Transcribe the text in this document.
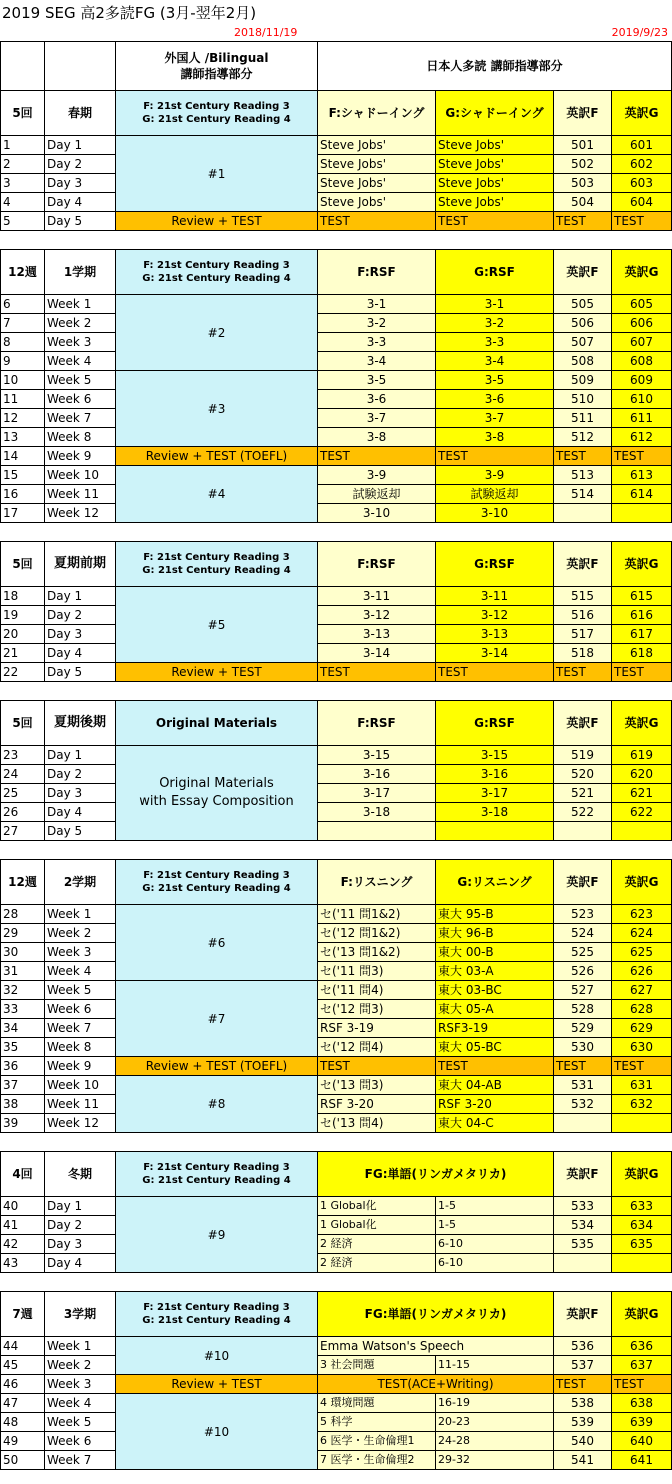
2019 SEG 高2多読FG (3月-翌年2月)
2018/11/19	2019/9/23

		外国人 /Bilingual
講師指導部分	日本人多読 講師指導部分			
5回	春期	F: 21st Century Reading 3
G: 21st Century Reading 4	F:シャドーイング	G:シャドーイング	英訳F	英訳G
1	Day 1	#1	Steve Jobs'	Steve Jobs'	501	601
2	Day 2		Steve Jobs'	Steve Jobs'	502	602
3	Day 3		Steve Jobs'	Steve Jobs'	503	603
4	Day 4		Steve Jobs'	Steve Jobs'	504	604
5	Day 5	Review + TEST	TEST	TEST	TEST	TEST

12週	1学期	F: 21st Century Reading 3
G: 21st Century Reading 4	F:RSF	G:RSF	英訳F	英訳G
6	Week 1	#2	3-1	3-1	505	605
7	Week 2		3-2	3-2	506	606
8	Week 3		3-3	3-3	507	607
9	Week 4		3-4	3-4	508	608
10	Week 5	#3	3-5	3-5	509	609
11	Week 6		3-6	3-6	510	610
12	Week 7		3-7	3-7	511	611
13	Week 8		3-8	3-8	512	612
14	Week 9	Review + TEST (TOEFL)	TEST	TEST	TEST	TEST
15	Week 10	#4	3-9	3-9	513	613
16	Week 11		試験返却	試験返却	514	614
17	Week 12		3-10	3-10		

5回	夏期前期	F: 21st Century Reading 3
G: 21st Century Reading 4	F:RSF	G:RSF	英訳F	英訳G
18	Day 1	#5	3-11	3-11	515	615
19	Day 2		3-12	3-12	516	616
20	Day 3		3-13	3-13	517	617
21	Day 4		3-14	3-14	518	618
22	Day 5	Review + TEST	TEST	TEST	TEST	TEST

5回	夏期後期	Original Materials	F:RSF	G:RSF	英訳F	英訳G
23	Day 1	Original Materials
with Essay Composition	3-15	3-15	519	619
24	Day 2		3-16	3-16	520	620
25	Day 3		3-17	3-17	521	621
26	Day 4		3-18	3-18	522	622
27	Day 5					

12週	2学期	F: 21st Century Reading 3
G: 21st Century Reading 4	F:リスニング	G:リスニング	英訳F	英訳G
28	Week 1	#6	セ('11 問1&2)	東大 95-B	523	623
29	Week 2		セ('12 問1&2)	東大 96-B	524	624
30	Week 3		セ('13 問1&2)	東大 00-B	525	625
31	Week 4		セ('11 問3)	東大 03-A	526	626
32	Week 5	#7	セ('11 問4)	東大 03-BC	527	627
33	Week 6		セ('12 問3)	東大 05-A	528	628
34	Week 7		RSF 3-19	RSF3-19	529	629
35	Week 8		セ('12 問4)	東大 05-BC	530	630
36	Week 9	Review + TEST (TOEFL)	TEST	TEST	TEST	TEST
37	Week 10	#8	セ('13 問3)	東大 04-AB	531	631
38	Week 11		RSF 3-20	RSF 3-20	532	632
39	Week 12		セ('13 問4)	東大 04-C		

4回	冬期	F: 21st Century Reading 3
G: 21st Century Reading 4	FG:単語(リンガメタリカ)		英訳F	英訳G
40	Day 1	#9	1 Global化	1-5	533	633
41	Day 2		1 Global化	1-5	534	634
42	Day 3		2 経済	6-10	535	635
43	Day 4		2 経済	6-10		

7週	3学期	F: 21st Century Reading 3
G: 21st Century Reading 4	FG:単語(リンガメタリカ)		英訳F	英訳G
44	Week 1	#10	Emma Watson's Speech		536	636
45	Week 2		3 社会問題	11-15	537	637
46	Week 3	Review + TEST	TEST(ACE+Writing)		TEST	TEST
47	Week 4	#10	4 環境問題	16-19	538	638
48	Week 5		5 科学	20-23	539	639
49	Week 6		6 医学・生命倫理1	24-28	540	640
50	Week 7		7 医学・生命倫理2	29-32	541	641
